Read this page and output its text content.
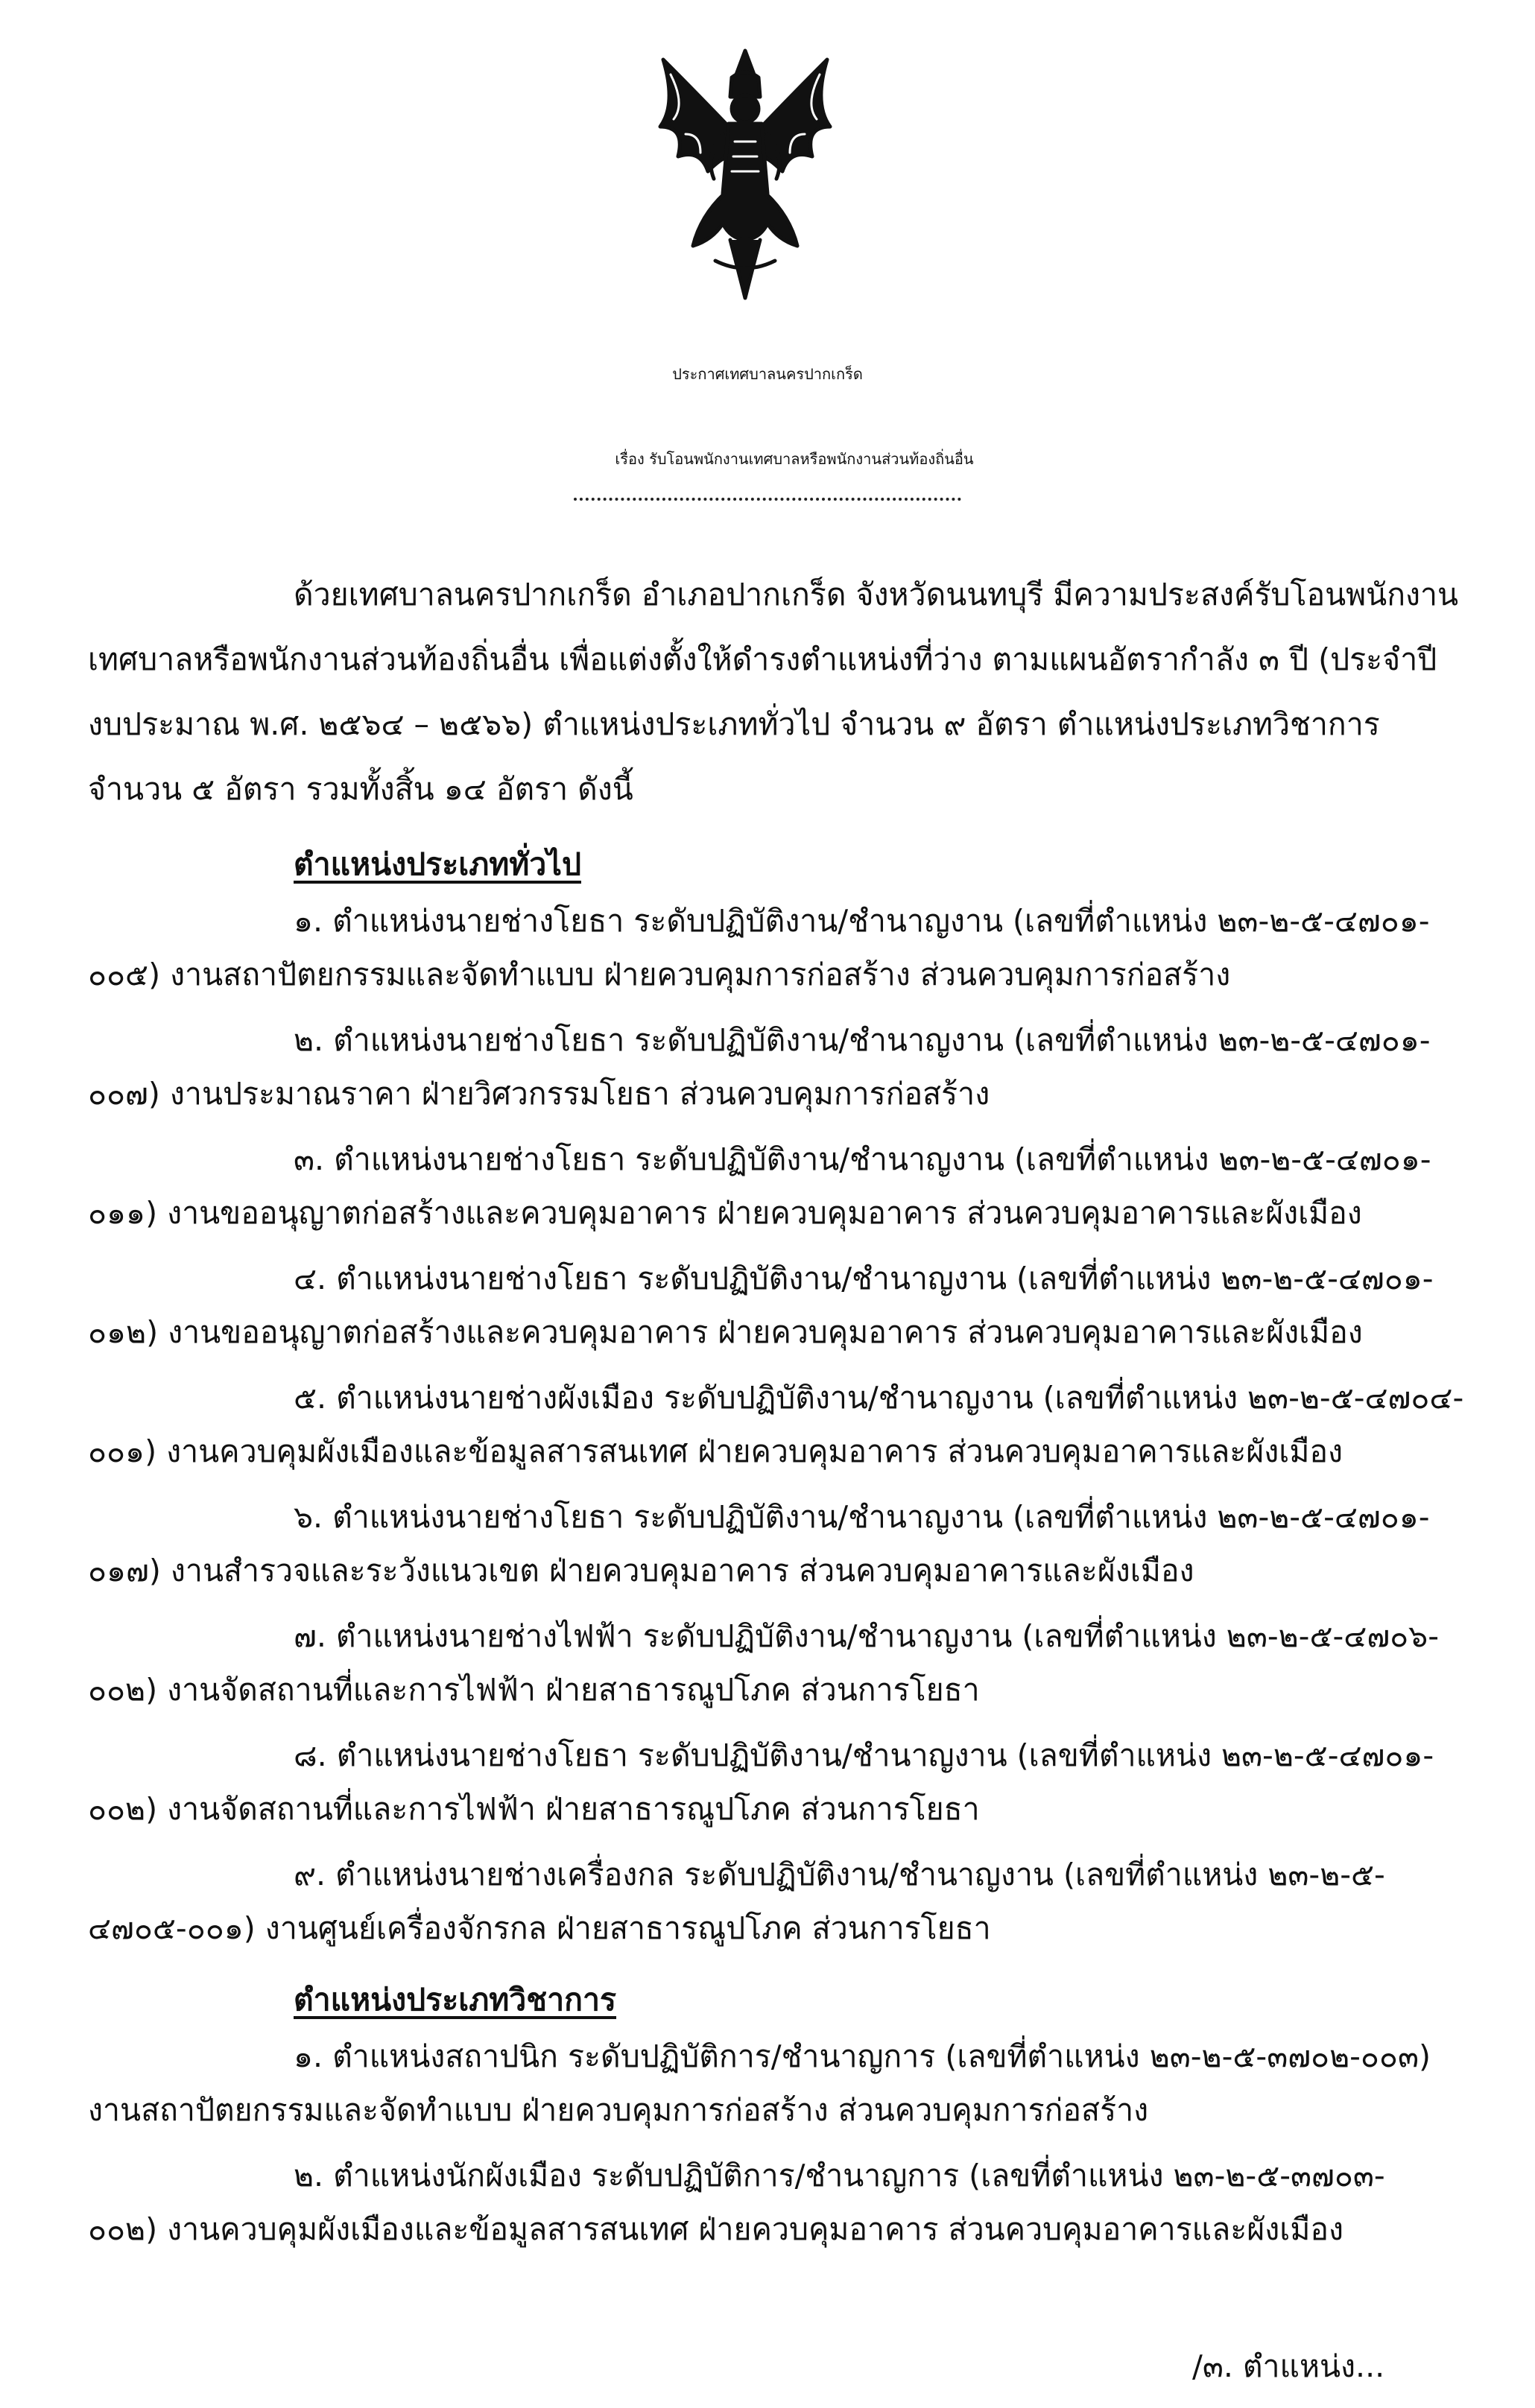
ประกาศเทศบาลนครปากเกร็ด
เรื่อง รับโอนพนักงานเทศบาลหรือพนักงานส่วนท้องถิ่นอื่น
ด้วยเทศบาลนครปากเกร็ด อำเภอปากเกร็ด จังหวัดนนทบุรี มีความประสงค์รับโอนพนักงาน
เทศบาลหรือพนักงานส่วนท้องถิ่นอื่น เพื่อแต่งตั้งให้ดำรงตำแหน่งที่ว่าง ตามแผนอัตรากำลัง ๓ ปี (ประจำปี
งบประมาณ พ.ศ. ๒๕๖๔ – ๒๕๖๖) ตำแหน่งประเภททั่วไป จำนวน ๙ อัตรา ตำแหน่งประเภทวิชาการ
จำนวน ๕ อัตรา รวมทั้งสิ้น ๑๔ อัตรา ดังนี้
ตำแหน่งประเภททั่วไป
๑. ตำแหน่งนายช่างโยธา ระดับปฏิบัติงาน/ชำนาญงาน (เลขที่ตำแหน่ง ๒๓-๒-๕-๔๗๐๑-
๐๐๕) งานสถาปัตยกรรมและจัดทำแบบ ฝ่ายควบคุมการก่อสร้าง ส่วนควบคุมการก่อสร้าง
๒. ตำแหน่งนายช่างโยธา ระดับปฏิบัติงาน/ชำนาญงาน (เลขที่ตำแหน่ง ๒๓-๒-๕-๔๗๐๑-
๐๐๗) งานประมาณราคา ฝ่ายวิศวกรรมโยธา ส่วนควบคุมการก่อสร้าง
๓. ตำแหน่งนายช่างโยธา ระดับปฏิบัติงาน/ชำนาญงาน (เลขที่ตำแหน่ง ๒๓-๒-๕-๔๗๐๑-
๐๑๑) งานขออนุญาตก่อสร้างและควบคุมอาคาร ฝ่ายควบคุมอาคาร ส่วนควบคุมอาคารและผังเมือง
๔. ตำแหน่งนายช่างโยธา ระดับปฏิบัติงาน/ชำนาญงาน (เลขที่ตำแหน่ง ๒๓-๒-๕-๔๗๐๑-
๐๑๒) งานขออนุญาตก่อสร้างและควบคุมอาคาร ฝ่ายควบคุมอาคาร ส่วนควบคุมอาคารและผังเมือง
๕. ตำแหน่งนายช่างผังเมือง ระดับปฏิบัติงาน/ชำนาญงาน (เลขที่ตำแหน่ง ๒๓-๒-๕-๔๗๐๔-
๐๐๑) งานควบคุมผังเมืองและข้อมูลสารสนเทศ ฝ่ายควบคุมอาคาร ส่วนควบคุมอาคารและผังเมือง
๖. ตำแหน่งนายช่างโยธา ระดับปฏิบัติงาน/ชำนาญงาน (เลขที่ตำแหน่ง ๒๓-๒-๕-๔๗๐๑-
๐๑๗) งานสำรวจและระวังแนวเขต ฝ่ายควบคุมอาคาร ส่วนควบคุมอาคารและผังเมือง
๗. ตำแหน่งนายช่างไฟฟ้า ระดับปฏิบัติงาน/ชำนาญงาน (เลขที่ตำแหน่ง ๒๓-๒-๕-๔๗๐๖-
๐๐๒) งานจัดสถานที่และการไฟฟ้า ฝ่ายสาธารณูปโภค ส่วนการโยธา
๘. ตำแหน่งนายช่างโยธา ระดับปฏิบัติงาน/ชำนาญงาน (เลขที่ตำแหน่ง ๒๓-๒-๕-๔๗๐๑-
๐๐๒) งานจัดสถานที่และการไฟฟ้า ฝ่ายสาธารณูปโภค ส่วนการโยธา
๙. ตำแหน่งนายช่างเครื่องกล ระดับปฏิบัติงาน/ชำนาญงาน (เลขที่ตำแหน่ง ๒๓-๒-๕-
๔๗๐๕-๐๐๑) งานศูนย์เครื่องจักรกล ฝ่ายสาธารณูปโภค ส่วนการโยธา
ตำแหน่งประเภทวิชาการ
๑. ตำแหน่งสถาปนิก ระดับปฏิบัติการ/ชำนาญการ (เลขที่ตำแหน่ง ๒๓-๒-๕-๓๗๐๒-๐๐๓)
งานสถาปัตยกรรมและจัดทำแบบ ฝ่ายควบคุมการก่อสร้าง ส่วนควบคุมการก่อสร้าง
๒. ตำแหน่งนักผังเมือง ระดับปฏิบัติการ/ชำนาญการ (เลขที่ตำแหน่ง ๒๓-๒-๕-๓๗๐๓-
๐๐๒) งานควบคุมผังเมืองและข้อมูลสารสนเทศ ฝ่ายควบคุมอาคาร ส่วนควบคุมอาคารและผังเมือง
/๓. ตำแหน่ง...
